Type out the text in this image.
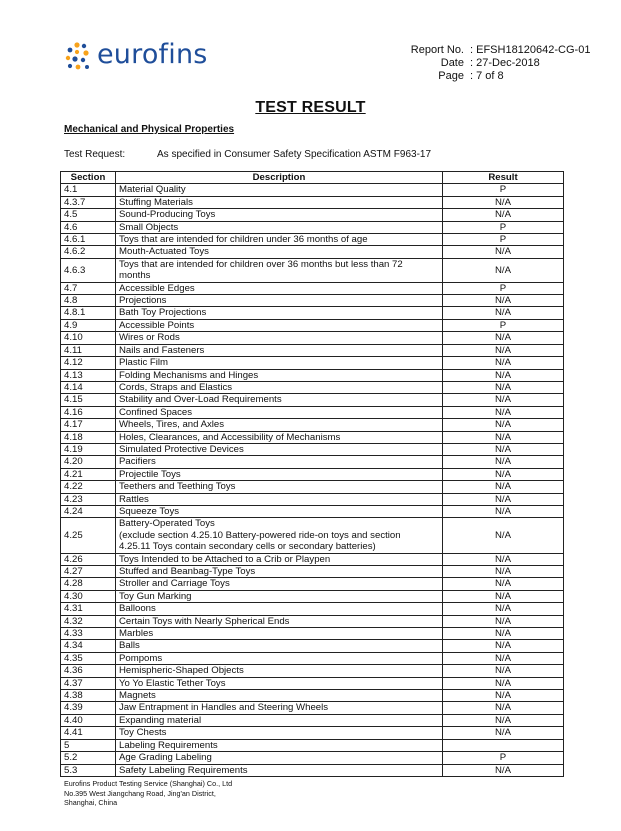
eurofins	Report No. : EFSH18120642-CG-01
Date : 27-Dec-2018
Page : 7 of 8
TEST RESULT
Mechanical and Physical Properties
Test Request:	As specified in Consumer Safety Specification ASTM F963-17
Section	Description	Result
4.1	Material Quality	P
4.3.7	Stuffing Materials	N/A
4.5	Sound-Producing Toys	N/A
4.6	Small Objects	P
4.6.1	Toys that are intended for children under 36 months of age	P
4.6.2	Mouth-Actuated Toys	N/A
4.6.3	Toys that are intended for children over 36 months but less than 72
months	N/A
4.7	Accessible Edges	P
4.8	Projections	N/A
4.8.1	Bath Toy Projections	N/A
4.9	Accessible Points	P
4.10	Wires or Rods	N/A
4.11	Nails and Fasteners	N/A
4.12	Plastic Film	N/A
4.13	Folding Mechanisms and Hinges	N/A
4.14	Cords, Straps and Elastics	N/A
4.15	Stability and Over-Load Requirements	N/A
4.16	Confined Spaces	N/A
4.17	Wheels, Tires, and Axles	N/A
4.18	Holes, Clearances, and Accessibility of Mechanisms	N/A
4.19	Simulated Protective Devices	N/A
4.20	Pacifiers	N/A
4.21	Projectile Toys	N/A
4.22	Teethers and Teething Toys	N/A
4.23	Rattles	N/A
4.24	Squeeze Toys	N/A
4.25	Battery-Operated Toys
(exclude section 4.25.10 Battery-powered ride-on toys and section
4.25.11 Toys contain secondary cells or secondary batteries)	N/A
4.26	Toys Intended to be Attached to a Crib or Playpen	N/A
4.27	Stuffed and Beanbag-Type Toys	N/A
4.28	Stroller and Carriage Toys	N/A
4.30	Toy Gun Marking	N/A
4.31	Balloons	N/A
4.32	Certain Toys with Nearly Spherical Ends	N/A
4.33	Marbles	N/A
4.34	Balls	N/A
4.35	Pompoms	N/A
4.36	Hemispheric-Shaped Objects	N/A
4.37	Yo Yo Elastic Tether Toys	N/A
4.38	Magnets	N/A
4.39	Jaw Entrapment in Handles and Steering Wheels	N/A
4.40	Expanding material	N/A
4.41	Toy Chests	N/A
5	Labeling Requirements	

5.2	Age Grading Labeling	P
5.3	Safety Labeling Requirements	N/A
Eurofins Product Testing Service (Shanghai) Co., Ltd
No.395 West Jiangchang Road, Jing'an District,
Shanghai, China
